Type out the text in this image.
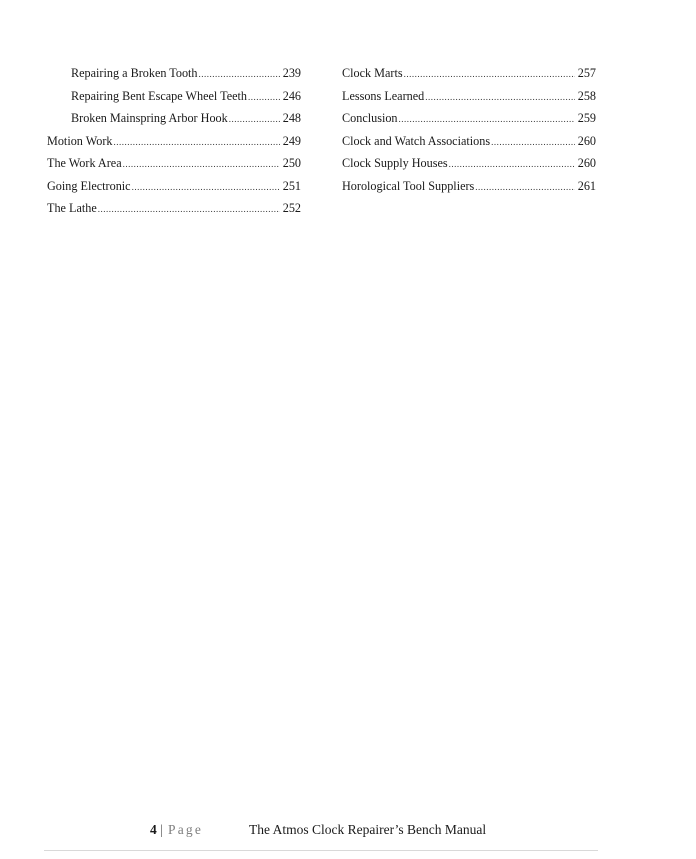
Repairing a Broken Tooth .....	239
Repairing Bent Escape Wheel Teeth .....	246
Broken Mainspring Arbor Hook .....	248
Motion Work .....	249
The Work Area .....	250
Going Electronic .....	251
The Lathe .....	252
Clock Marts .....	257
Lessons Learned .....	258
Conclusion .....	259
Clock and Watch Associations .....	260
Clock Supply Houses .....	260
Horological Tool Suppliers .....	261
4 | Page	The Atmos Clock Repairer’s Bench Manual
